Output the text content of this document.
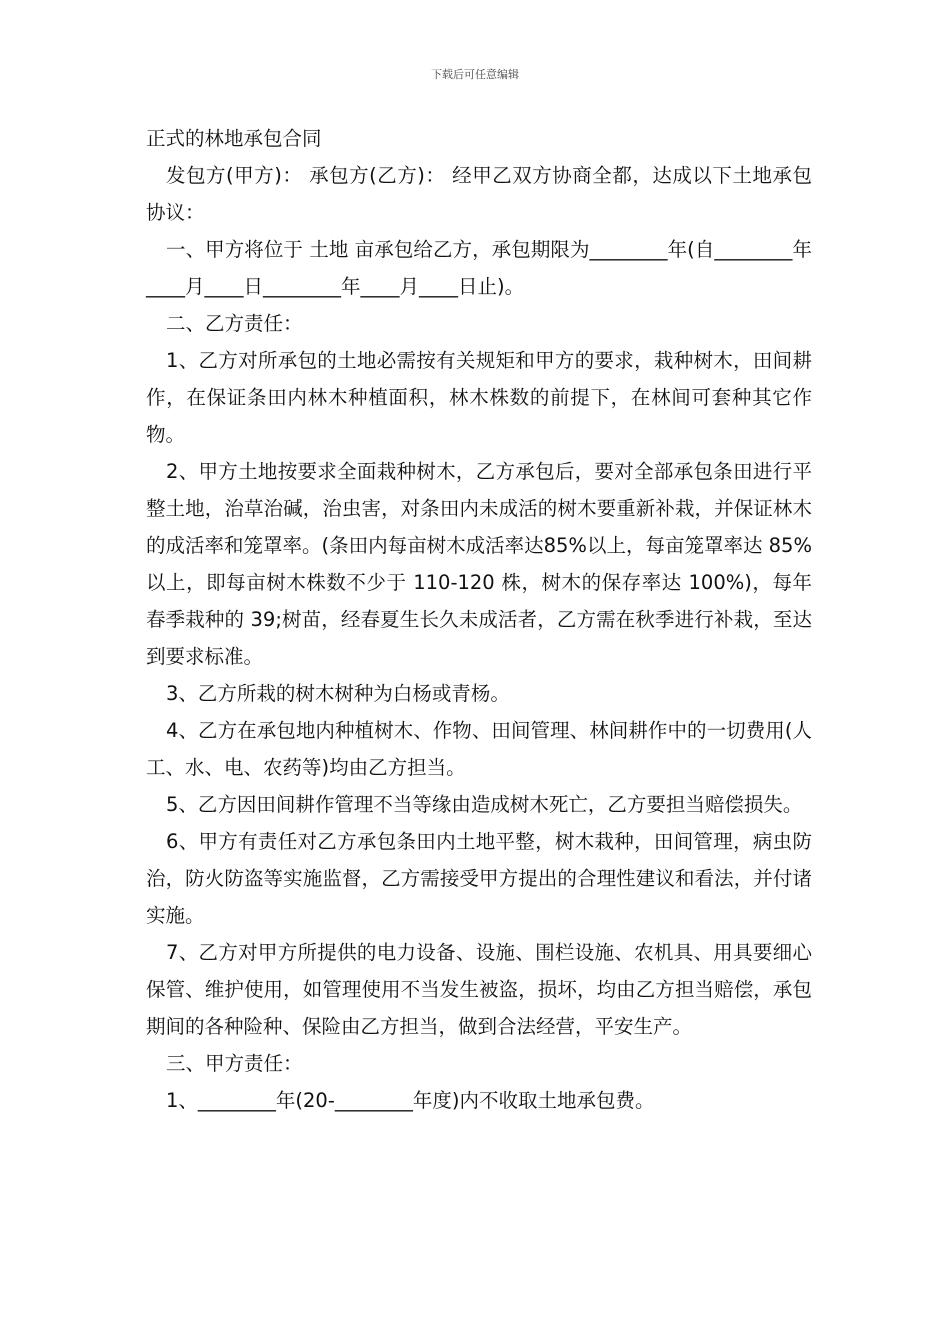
下载后可任意编辑

正式的林地承包合同

发包方(甲方)： 承包方(乙方)： 经甲乙双方协商全都，达成以下土地承包协议：

一、甲方将位于 土地 亩承包给乙方，承包期限为________年(自________年____月____日________年____月____日止)。

二、乙方责任：

1、乙方对所承包的土地必需按有关规矩和甲方的要求，栽种树木，田间耕作，在保证条田内林木种植面积，林木株数的前提下，在林间可套种其它作物。

2、甲方土地按要求全面栽种树木，乙方承包后，要对全部承包条田进行平整土地，治草治碱，治虫害，对条田内未成活的树木要重新补栽，并保证林木的成活率和笼罩率。(条田内每亩树木成活率达85%以上，每亩笼罩率达 85%以上，即每亩树木株数不少于 110-120 株，树木的保存率达 100%)，每年春季栽种的 39;树苗，经春夏生长久未成活者，乙方需在秋季进行补栽，至达到要求标准。

3、乙方所栽的树木树种为白杨或青杨。

4、乙方在承包地内种植树木、作物、田间管理、林间耕作中的一切费用(人工、水、电、农药等)均由乙方担当。

5、乙方因田间耕作管理不当等缘由造成树木死亡，乙方要担当赔偿损失。

6、甲方有责任对乙方承包条田内土地平整，树木栽种，田间管理，病虫防治，防火防盗等实施监督，乙方需接受甲方提出的合理性建议和看法，并付诸实施。

7、乙方对甲方所提供的电力设备、设施、围栏设施、农机具、用具要细心保管、维护使用，如管理使用不当发生被盗，损坏，均由乙方担当赔偿，承包期间的各种险种、保险由乙方担当，做到合法经营，平安生产。

三、甲方责任：

1、________年(20-________年度)内不收取土地承包费。
